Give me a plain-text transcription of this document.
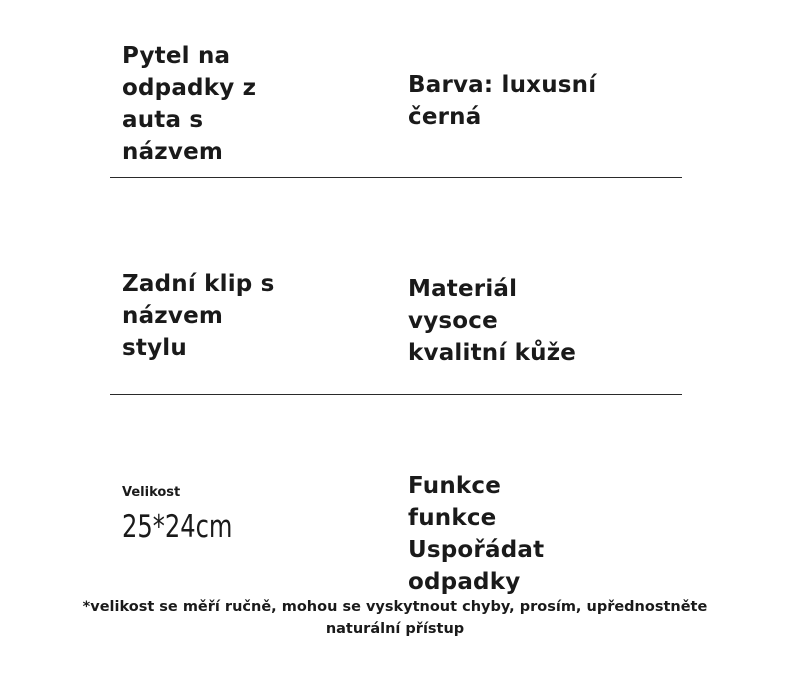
Pytel na
odpadky z
auta s
názvem
Barva: luxusní
černá
Zadní klip s
názvem
stylu
Materiál
vysoce
kvalitní kůže
Velikost
25*24cm
Funkce
funkce
Uspořádat
odpadky
*velikost se měří ručně, mohou se vyskytnout chyby, prosím, upřednostněte
naturální přístup
